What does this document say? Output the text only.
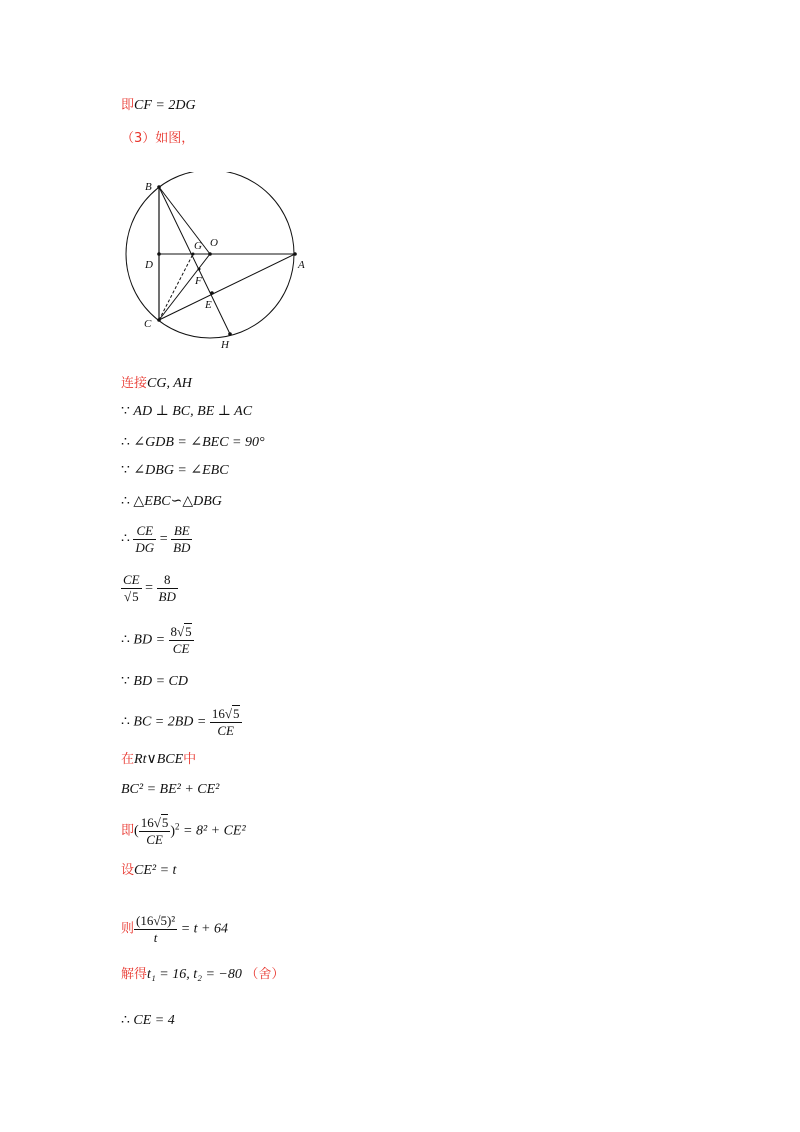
即CF = 2DG
（3）如图，
B
D
C
G O
F
E
A
H
连接CG, AH
∵ AD ⊥ BC, BE ⊥ AC
∴ ∠GDB = ∠BEC = 90°
∵ ∠DBG = ∠EBC
∴ △EBC∽△DBG
∴ $\frac{CE}{DG} = \frac{BE}{BD}$
$\frac{CE}{√5} = \frac{8}{BD}$
∴ BD = $\frac{8√5}{CE}$
∵ BD = CD
∴ BC = $2BD = \frac{16√5}{CE}$
在Rt∨BCE中
BC² = BE² + CE²
即( $\frac{16√5}{CE} )^2 = 8^2 + CE^2$
设CE² = t
则 $\frac{\text{(16√5)²}}{t} = t + 64$
解得t₁ = 16, t₂ = −80 （舍）
∴ CE = 4
